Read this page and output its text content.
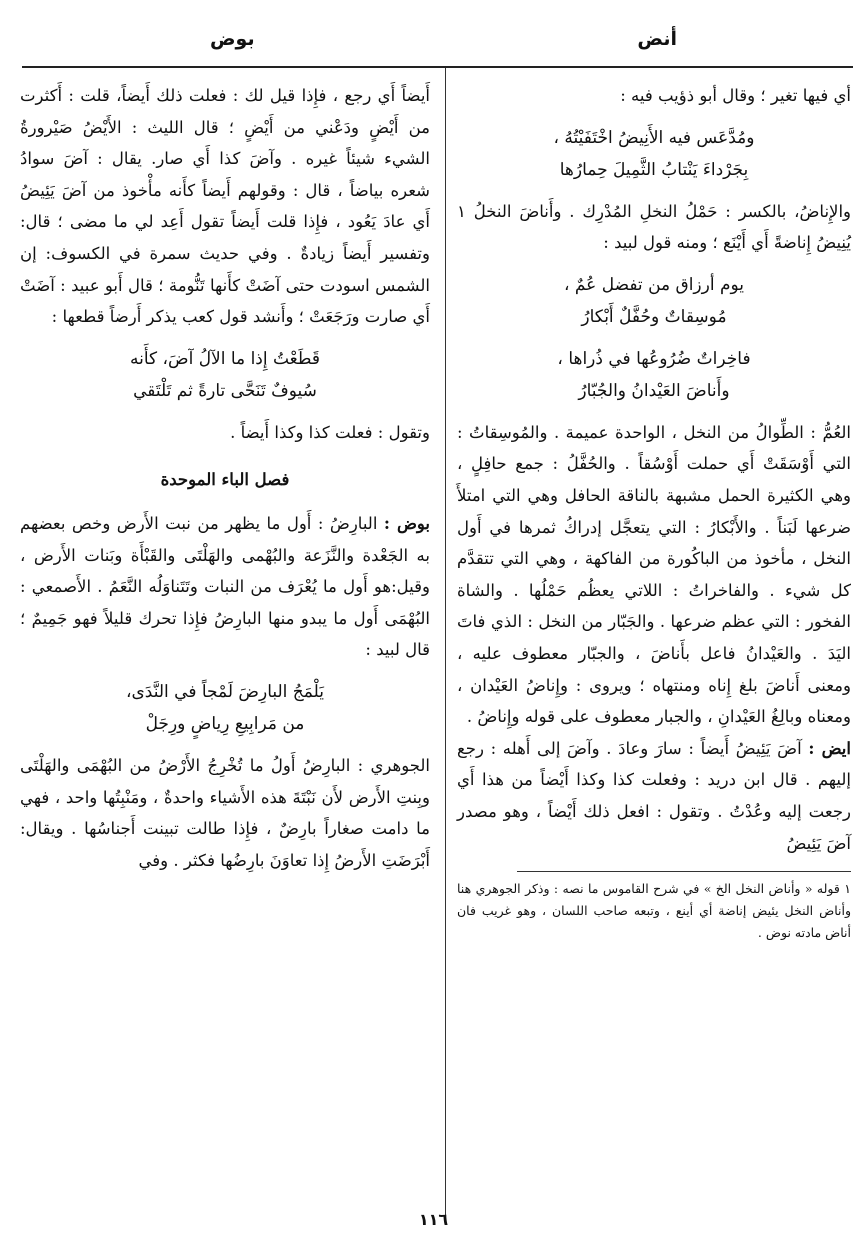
أنض
بوض

أي فيها تغير ؛ وقال أبو ذؤيب فيه :

ومُدَّعَس فيه الأَنِيضُ اخْتَفَيْتُهُ ،
بِجَرْداءَ يَنْتابُ الثَّمِيلَ حِمارُها

والإِناضُ، بالكسر : حَمْلُ النخلِ المُدْرِك . وأَناضَ النخلُ ١ يُنِيضُ إِناضةً أَي أَيْنَع ؛ ومنه قول لبيد :

يوم أرزاق من تفضل عُمٌ ،
مُوسِقاتٌ وحُفَّلٌ أَبْكارُ
فاخِراتٌ ضُرُوعُها في ذُراها ،
وأَناضَ العَيْدانُ والجُبّارُ

العُمُّ : الطِّوالُ من النخل ، الواحدة عميمة . والمُوسِقاتُ : التي أَوْسَقَتْ أَي حملت أَوْسُقاً . والحُفَّلُ : جمع حافِلٍ ، وهي الكثيرة الحمل مشبهة بالناقة الحافل وهي التي امتلأَ ضرعها لَبَناً . والأَبْكارُ : التي يتعجَّل إدراكُ ثمرها في أَول النخل ، مأخوذ من الباكُورة من الفاكهة ، وهي التي تتقدَّم كل شيء . والفاخراتُ : اللاتي يعظُم حَمْلُها . والشاة الفخور : التي عظم ضرعها . والجَبّار من النخل : الذي فاتَ اليَدَ . والعَيْدانُ فاعل بأَناضَ ، والجبّار معطوف عليه ، ومعنى أَناضَ بلغ إِناه ومنتهاه ؛ ويروى : وإِناضُ العَيْدان ، ومعناه وبالِغُ العَيْدانِ ، والجبار معطوف على قوله وإِناضُ .

ايض : آضَ يَئِيضُ أَيضاً : سارَ وعادَ . وآضَ إلى أَهله : رجع إليهم . قال ابن دريد : وفعلت كذا وكذا أَيْضاً من هذا أَي رجعت إليه وعُدْتُ . وتقول : افعل ذلك أَيْضاً ، وهو مصدر آضَ يَئِيضُ

١ قوله « وأناض النخل الخ » في شرح القاموس ما نصه : وذكر الجوهري هنا وأناض النخل يئيض إناضة أي أينع ، وتبعه صاحب اللسان ، وهو غريب فان أناض مادته نوض .

أَيضاً أَي رجع ، فإِذا قيل لك : فعلت ذلك أَيضاً، قلت : أَكثرت من أَيْضٍ ودَعْني من أَيْضٍ ؛ قال الليث : الأَيْضُ صَيْرورةُ الشيء شيئاً غيره . وآضَ كذا أَي صار. يقال : آضَ سوادُ شعره بياضاً ، قال : وقولهم أَيضاً كأَنه مأْخوذ من آضَ يَئِيضُ أَي عادَ يَعُود ، فإِذا قلت أَيضاً تقول أَعِد لي ما مضى ؛ قال: وتفسير أَيضاً زيادةٌ . وفي حديث سمرة في الكسوف: إن الشمس اسودت حتى آضَتْ كأَنها تَنُّومة ؛ قال أَبو عبيد : آضَتْ أَي صارت ورَجَعَتْ ؛ وأَنشد قول كعب يذكر أَرضاً قطعها :

قَطَعْتُ إِذا ما الآلُ آضَ، كأَنه
سُيوفٌ تَنَحَّى تارةً ثم تَلْتَقي

وتقول : فعلت كذا وكذا أَيضاً .

فصل الباء الموحدة

بوض : البارِضُ : أَول ما يظهر من نبت الأَرض وخص بعضهم به الجَعْدة والنَّزَعة والبُهْمى والهَلْتَى والقَبْأَة وبَنات الأَرض ، وقيل:هو أَول ما يُعْرَف من النبات وتَتَناوَلُه النَّعَمُ . الأَصمعي : البُهْمَى أَول ما يبدو منها البارِضُ فإِذا تحرك قليلاً فهو جَمِيمٌ ؛ قال لبيد :

يَلْمَجُ البارِضَ لَمْجاً في النَّدَى،
من مَرابِيعِ رِياضٍ ورِجَلْ

الجوهري : البارِضُ أَولُ ما تُخْرِجُ الأَرْضُ من البُهْمَى والهَلْتَى وبِنتِ الأَرض لأَن نَبْتَةَ هذه الأَشياء واحدةٌ ، ومَنْبِتُها واحد ، فهي ما دامت صغاراً بارِضٌ ، فإِذا طالت تبينت أَجناسُها . ويقال: أَبْرَضَتِ الأَرضُ إِذا تعاوَنَ بارِضُها فكثر . وفي

١١٦
